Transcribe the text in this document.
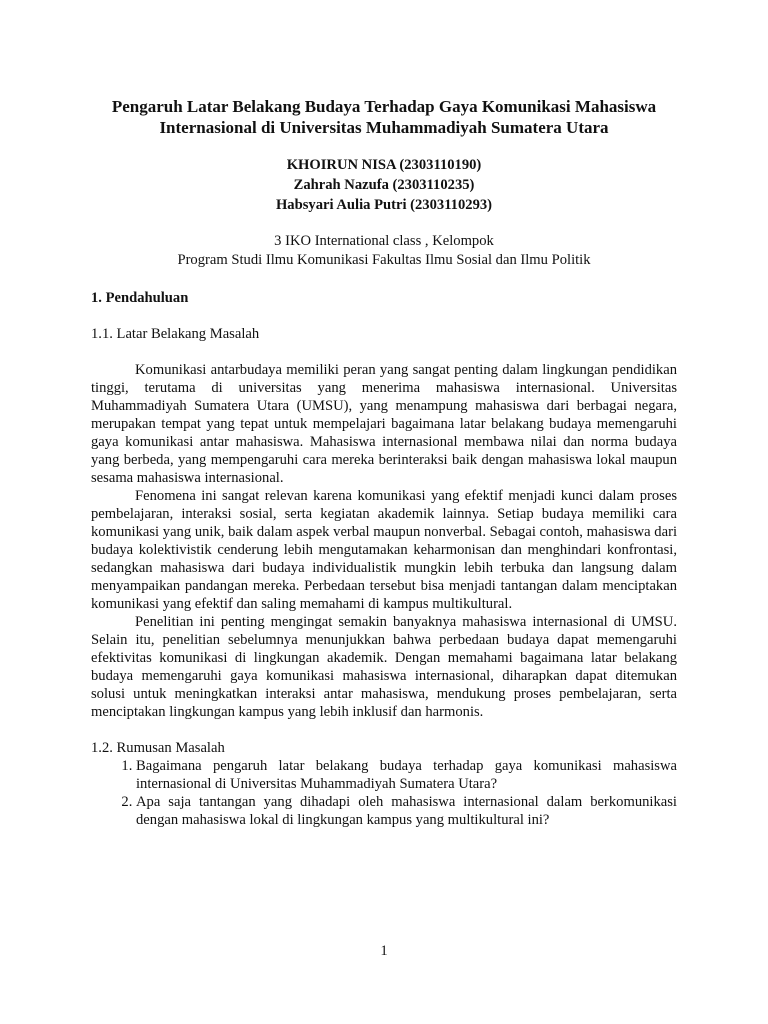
Pengaruh Latar Belakang Budaya Terhadap Gaya Komunikasi Mahasiswa
Internasional di Universitas Muhammadiyah Sumatera Utara
KHOIRUN NISA (2303110190)
Zahrah Nazufa (2303110235)
Habsyari Aulia Putri (2303110293)
3 IKO International class , Kelompok
Program Studi Ilmu Komunikasi Fakultas Ilmu Sosial dan Ilmu Politik
1. Pendahuluan
1.1. Latar Belakang Masalah

Komunikasi antarbudaya memiliki peran yang sangat penting dalam lingkungan pendidikan tinggi, terutama di universitas yang menerima mahasiswa internasional. Universitas Muhammadiyah Sumatera Utara (UMSU), yang menampung mahasiswa dari berbagai negara, merupakan tempat yang tepat untuk mempelajari bagaimana latar belakang budaya memengaruhi gaya komunikasi antar mahasiswa. Mahasiswa internasional membawa nilai dan norma budaya yang berbeda, yang mempengaruhi cara mereka berinteraksi baik dengan mahasiswa lokal maupun sesama mahasiswa internasional.

Fenomena ini sangat relevan karena komunikasi yang efektif menjadi kunci dalam proses pembelajaran, interaksi sosial, serta kegiatan akademik lainnya. Setiap budaya memiliki cara komunikasi yang unik, baik dalam aspek verbal maupun nonverbal. Sebagai contoh, mahasiswa dari budaya kolektivistik cenderung lebih mengutamakan keharmonisan dan menghindari konfrontasi, sedangkan mahasiswa dari budaya individualistik mungkin lebih terbuka dan langsung dalam menyampaikan pandangan mereka. Perbedaan tersebut bisa menjadi tantangan dalam menciptakan komunikasi yang efektif dan saling memahami di kampus multikultural.

Penelitian ini penting mengingat semakin banyaknya mahasiswa internasional di UMSU. Selain itu, penelitian sebelumnya menunjukkan bahwa perbedaan budaya dapat memengaruhi efektivitas komunikasi di lingkungan akademik. Dengan memahami bagaimana latar belakang budaya memengaruhi gaya komunikasi mahasiswa internasional, diharapkan dapat ditemukan solusi untuk meningkatkan interaksi antar mahasiswa, mendukung proses pembelajaran, serta menciptakan lingkungan kampus yang lebih inklusif dan harmonis.

1.2. Rumusan Masalah
1. Bagaimana pengaruh latar belakang budaya terhadap gaya komunikasi mahasiswa internasional di Universitas Muhammadiyah Sumatera Utara?
2. Apa saja tantangan yang dihadapi oleh mahasiswa internasional dalam berkomunikasi dengan mahasiswa lokal di lingkungan kampus yang multikultural ini?
1
